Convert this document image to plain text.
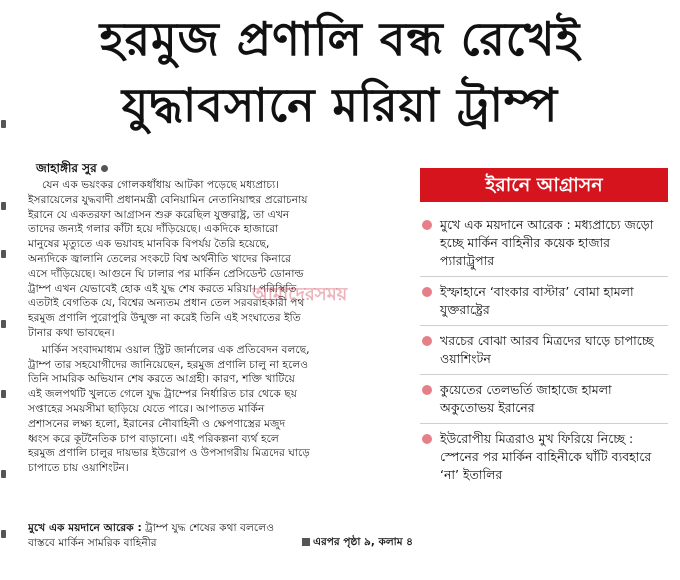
হরমুজ প্রণালি বন্ধ রেখেই
যুদ্ধাবসানে মরিয়া ট্রাম্প
জাহাঙ্গীর সুর

যেন এক ভয়ংকর গোলকধাঁধায় আটকা পড়েছে মধ্যপ্রাচ্য।
ইসরায়েলের যুদ্ধবাদী প্রধানমন্ত্রী বেনিয়ামিন নেতানিয়াহুর প্ররোচনায়
ইরানে যে একতরফা আগ্রাসন শুরু করেছিল যুক্তরাষ্ট্র, তা এখন
তাদের জন্যই গলার কাঁটা হয়ে দাঁড়িয়েছে। একদিকে হাজারো
মানুষের মৃত্যুতে এক ভয়াবহ মানবিক বিপর্যয় তৈরি হয়েছে,
অন্যদিকে জ্বালানি তেলের সংকটে বিশ্ব অর্থনীতি খাদের কিনারে
এসে দাঁড়িয়েছে। আগুনে ঘি ঢালার পর মার্কিন প্রেসিডেন্ট ডোনাল্ড
ট্রাম্প এখন যেভাবেই হোক এই যুদ্ধ শেষ করতে মরিয়া। পরিস্থিতি
এতটাই বেগতিক যে, বিশ্বের অন্যতম প্রধান তেল সরবরাহকারী পথ
হরমুজ প্রণালি পুরোপুরি উন্মুক্ত না করেই তিনি এই সংঘাতের ইতি
টানার কথা ভাবছেন।

মার্কিন সংবাদমাধ্যম ওয়াল স্ট্রিট জার্নালের এক প্রতিবেদন বলছে,
ট্রাম্প তার সহযোগীদের জানিয়েছেন, হরমুজ প্রণালি চালু না হলেও
তিনি সামরিক অভিযান শেষ করতে আগ্রহী। কারণ, শক্তি খাটিয়ে
এই জলপথটি খুলতে গেলে যুদ্ধ ট্রাম্পের নির্ধারিত চার থেকে ছয়
সপ্তাহের সময়সীমা ছাড়িয়ে যেতে পারে। আপাতত মার্কিন
প্রশাসনের লক্ষ্য হলো, ইরানের নৌবাহিনী ও ক্ষেপণাস্ত্রের মজুদ
ধ্বংস করে কূটনৈতিক চাপ বাড়ানো। এই পরিকল্পনা ব্যর্থ হলে
হরমুজ প্রণালি চালুর দায়ভার ইউরোপ ও উপসাগরীয় মিত্রদের ঘাড়ে
চাপাতে চায় ওয়াশিংটন।

আমাদেরসময়
মুখে এক ময়দানে আরেক : ট্রাম্প যুদ্ধ শেষের কথা বললেও
বাস্তবে মার্কিন সামরিক বাহিনীর	এরপর পৃষ্ঠা ৯, কলাম ৪
ইরানে আগ্রাসন
মুখে এক ময়দানে আরেক : মধ্যপ্রাচ্যে জড়ো হচ্ছে মার্কিন বাহিনীর কয়েক হাজার প্যারাট্রুপার
ইস্ফাহানে ‘বাংকার বাস্টার’ বোমা হামলা যুক্তরাষ্ট্রের
খরচের বোঝা আরব মিত্রদের ঘাড়ে চাপাচ্ছে ওয়াশিংটন
কুয়েতের তেলভর্তি জাহাজে হামলা অকুতোভয় ইরানের
ইউরোপীয় মিত্ররাও মুখ ফিরিয়ে নিচ্ছে : স্পেনের পর মার্কিন বাহিনীকে ঘাঁটি ব্যবহারে ‘না’ ইতালির
